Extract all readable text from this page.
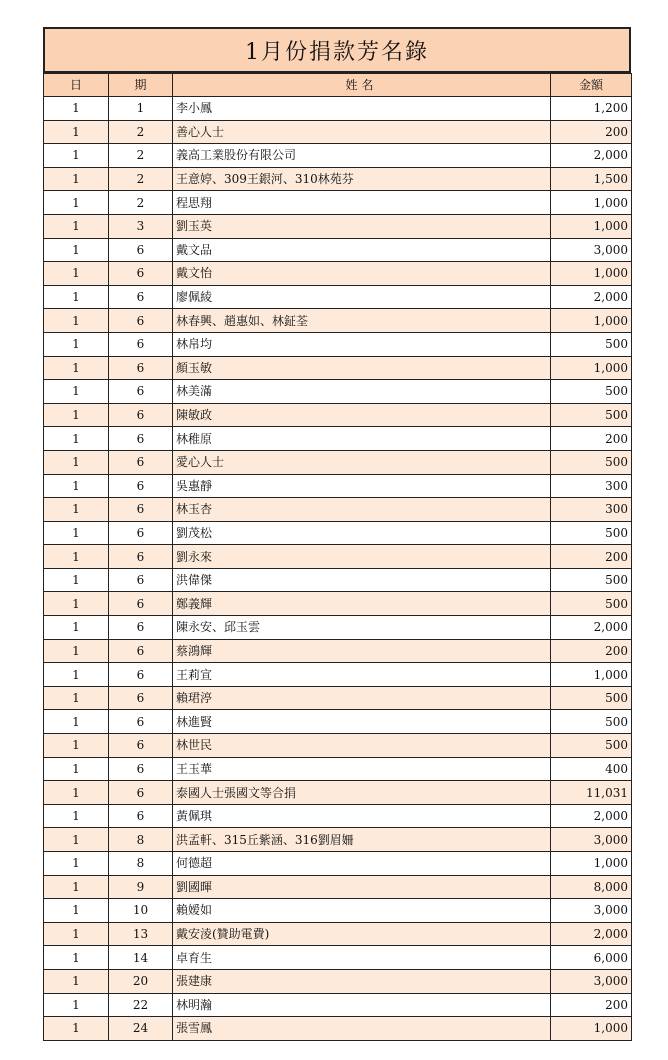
1月份捐款芳名錄
日	期	姓名	金額
1	1	李小鳳	1,200
1	2	善心人士	200
1	2	義高工業股份有限公司	2,000
1	2	王意婷、309王銀河、310林苑芬	1,500
1	2	程思翔	1,000
1	3	劉玉英	1,000
1	6	戴文品	3,000
1	6	戴文怡	1,000
1	6	廖佩綾	2,000
1	6	林春興、趙惠如、林鉦荃	1,000
1	6	林帛均	500
1	6	顏玉敏	1,000
1	6	林美滿	500
1	6	陳敏政	500
1	6	林稚原	200
1	6	愛心人士	500
1	6	吳惠靜	300
1	6	林玉杏	300
1	6	劉茂松	500
1	6	劉永來	200
1	6	洪偉傑	500
1	6	鄭義輝	500
1	6	陳永安、邱玉雲	2,000
1	6	蔡鴻輝	200
1	6	王莉宣	1,000
1	6	賴珺渟	500
1	6	林進賢	500
1	6	林世民	500
1	6	王玉華	400
1	6	泰國人士張國文等合捐	11,031
1	6	黃佩琪	2,000
1	8	洪孟軒、315丘紫涵、316劉眉姍	3,000
1	8	何德超	1,000
1	9	劉國暉	8,000
1	10	賴嫒如	3,000
1	13	戴安淩(贊助電費)	2,000
1	14	卓育生	6,000
1	20	張建康	3,000
1	22	林明瀚	200
1	24	張雪鳳	1,000
